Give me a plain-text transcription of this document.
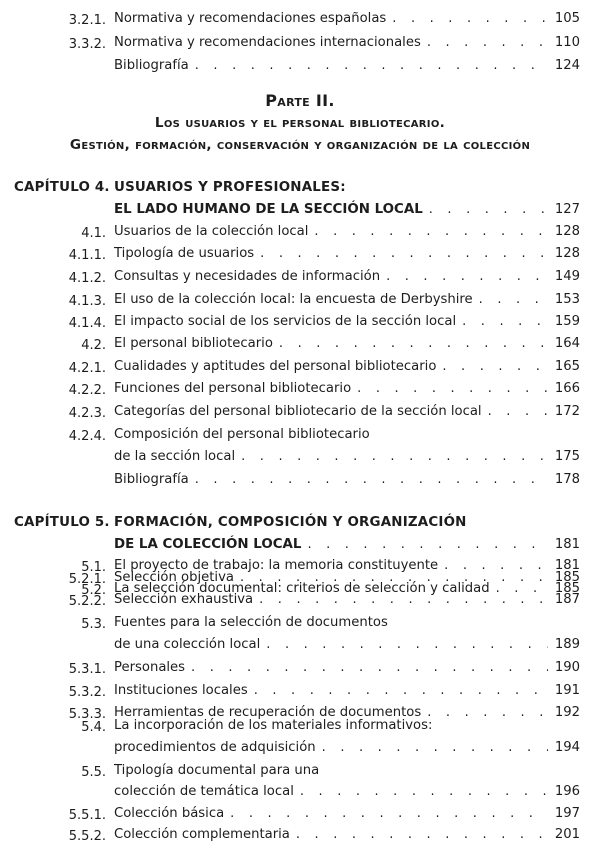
3.2.1. Normativa y recomendaciones españolas . . .	105
3.3.2. Normativa y recomendaciones internacionales . . .	110
Bibliografía . . .	124
Parte II.
Los usuarios y el personal bibliotecario.
Gestión, formación, conservación y organización de la colección
CAPÍTULO 4. USUARIOS Y PROFESIONALES:
EL LADO HUMANO DE LA SECCIÓN LOCAL . . .	127
4.1. Usuarios de la colección local . . .	128
4.1.1. Tipología de usuarios . . .	128
4.1.2. Consultas y necesidades de información . . .	149
4.1.3. El uso de la colección local: la encuesta de Derbyshire . . .	153
4.1.4. El impacto social de los servicios de la sección local . . .	159
4.2. El personal bibliotecario . . .	164
4.2.1. Cualidades y aptitudes del personal bibliotecario . . .	165
4.2.2. Funciones del personal bibliotecario . . .	166
4.2.3. Categorías del personal bibliotecario de la sección local . . .	172
4.2.4. Composición del personal bibliotecario
de la sección local . . .	175
Bibliografía . . .	178
CAPÍTULO 5. FORMACIÓN, COMPOSICIÓN Y ORGANIZACIÓN
DE LA COLECCIÓN LOCAL . . .	181
5.1. El proyecto de trabajo: la memoria constituyente . . .	181
5.2. La selección documental: criterios de selección y calidad . . .	185
5.2.1. Selección objetiva . . .	185
5.2.2. Selección exhaustiva . . .	187
5.3. Fuentes para la selección de documentos
de una colección local . . .	189
5.3.1. Personales . . .	190
5.3.2. Instituciones locales . . .	191
5.3.3. Herramientas de recuperación de documentos . . .	192
5.4. La incorporación de los materiales informativos:
procedimientos de adquisición . . .	194
5.5. Tipología documental para una
colección de temática local . . .	196
5.5.1. Colección básica . . .	197
5.5.2. Colección complementaria . . .	201
